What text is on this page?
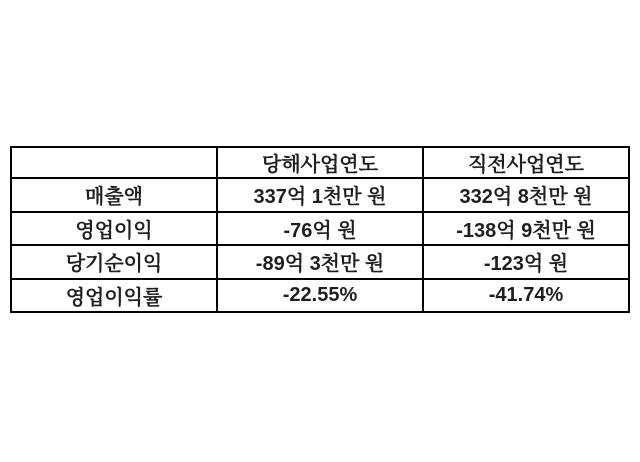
	당해사업연도	직전사업연도
매출액	337억 1천만 원	332억 8천만 원
영업이익	-76억 원	-138억 9천만 원
당기순이익	-89억 3천만 원	-123억 원
영업이익률	-22.55%	-41.74%
